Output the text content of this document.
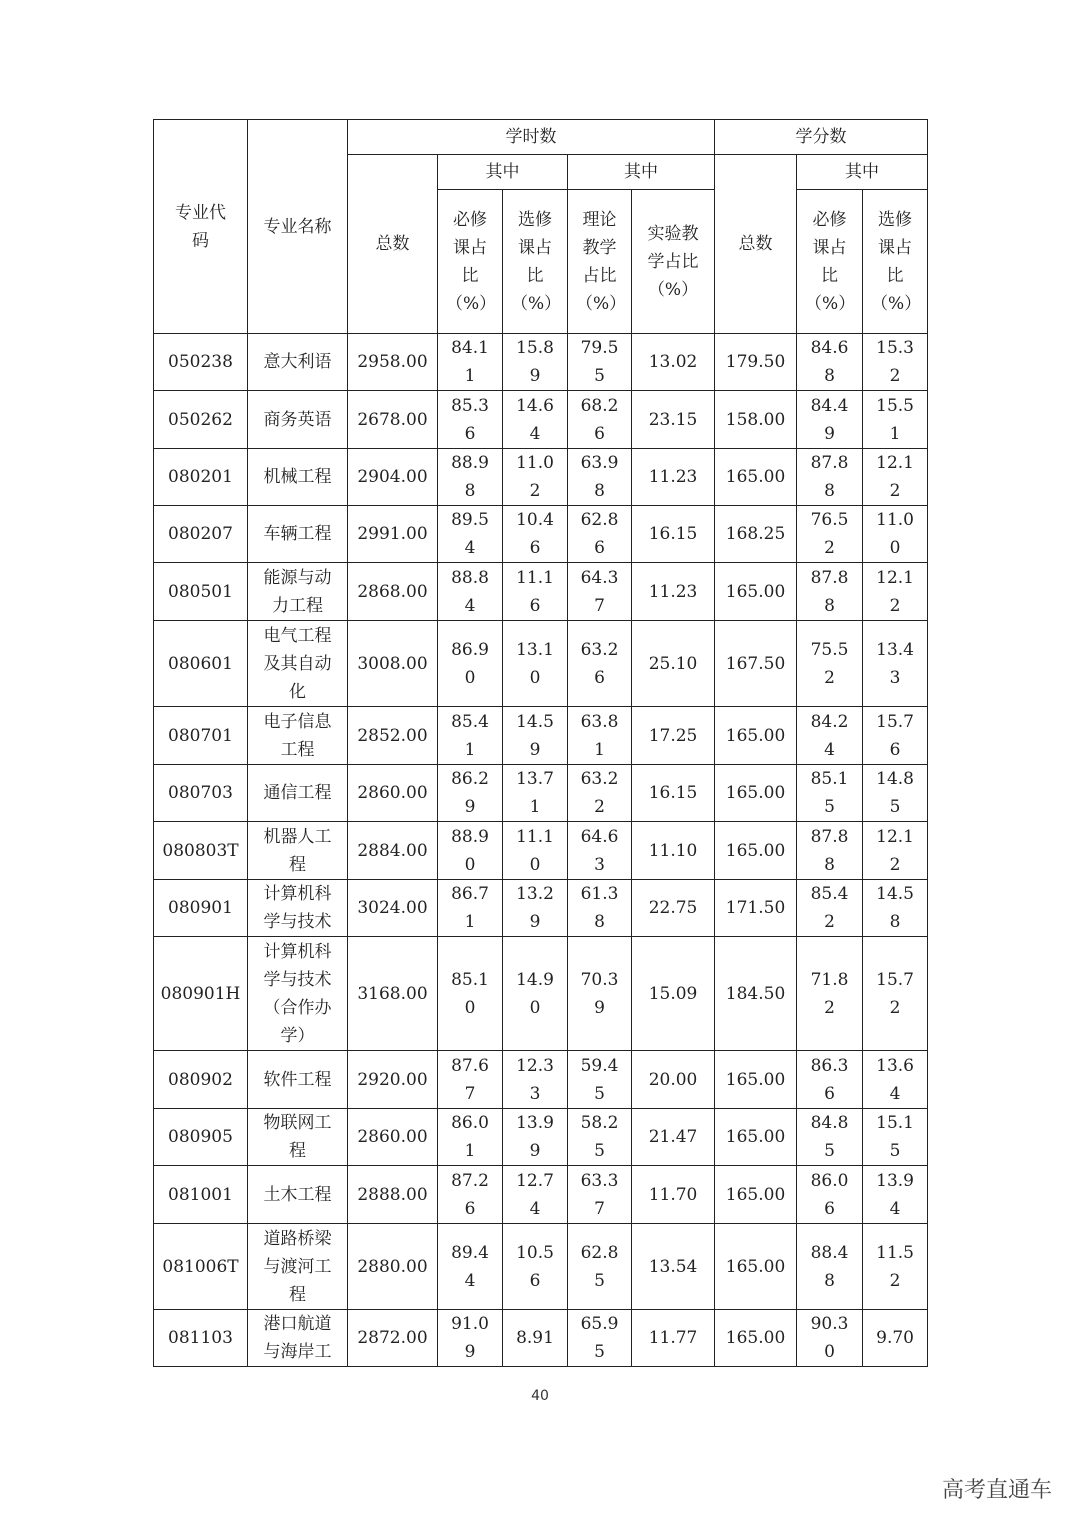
专业代码	专业名称	学时数					学分数		
		总数	其中		其中		总数	其中	
			必修课占比（%）	选修课占比（%）	理论教学占比（%）	实验教学占比（%）		必修课占比（%）	选修课占比（%）
050238	意大利语	2958.00	84.11	15.89	79.55	13.02	179.50	84.68	15.32
050262	商务英语	2678.00	85.36	14.64	68.26	23.15	158.00	84.49	15.51
080201	机械工程	2904.00	88.98	11.02	63.98	11.23	165.00	87.88	12.12
080207	车辆工程	2991.00	89.54	10.46	62.86	16.15	168.25	76.52	11.00
080501	能源与动力工程	2868.00	88.84	11.16	64.37	11.23	165.00	87.88	12.12
080601	电气工程及其自动化	3008.00	86.90	13.10	63.26	25.10	167.50	75.52	13.43
080701	电子信息工程	2852.00	85.41	14.59	63.81	17.25	165.00	84.24	15.76
080703	通信工程	2860.00	86.29	13.71	63.22	16.15	165.00	85.15	14.85
080803T	机器人工程	2884.00	88.90	11.10	64.63	11.10	165.00	87.88	12.12
080901	计算机科学与技术	3024.00	86.71	13.29	61.38	22.75	171.50	85.42	14.58
080901H	计算机科学与技术（合作办学）	3168.00	85.10	14.90	70.39	15.09	184.50	71.82	15.72
080902	软件工程	2920.00	87.67	12.33	59.45	20.00	165.00	86.36	13.64
080905	物联网工程	2860.00	86.01	13.99	58.25	21.47	165.00	84.85	15.15
081001	土木工程	2888.00	87.26	12.74	63.37	11.70	165.00	86.06	13.94
081006T	道路桥梁与渡河工程	2880.00	89.44	10.56	62.85	13.54	165.00	88.48	11.52
081103	港口航道与海岸工	2872.00	91.09	8.91	65.95	11.77	165.00	90.30	9.70
40
高考直通车
